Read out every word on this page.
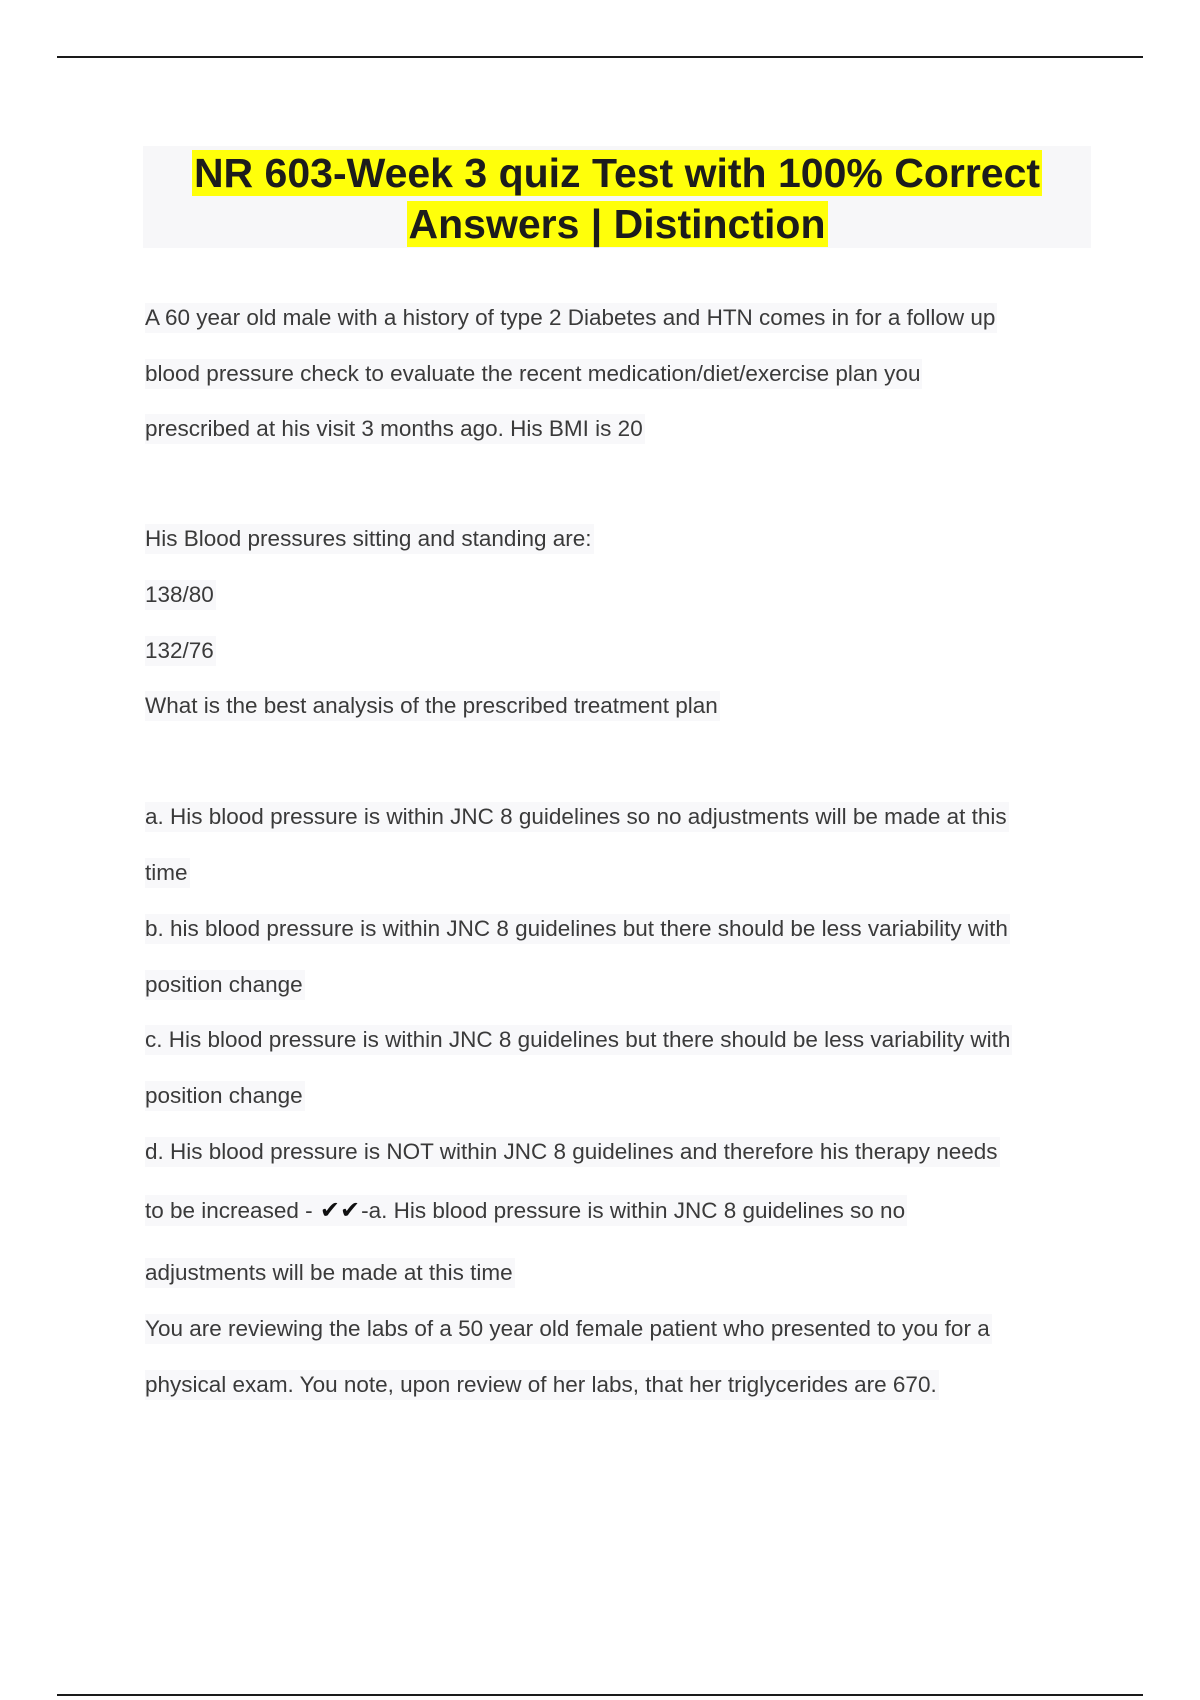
NR 603-Week 3 quiz Test with 100% Correct
Answers | Distinction
A 60 year old male with a history of type 2 Diabetes and HTN comes in for a follow up
blood pressure check to evaluate the recent medication/diet/exercise plan you
prescribed at his visit 3 months ago. His BMI is 20
His Blood pressures sitting and standing are:
138/80
132/76
What is the best analysis of the prescribed treatment plan
a. His blood pressure is within JNC 8 guidelines so no adjustments will be made at this
time
b. his blood pressure is within JNC 8 guidelines but there should be less variability with
position change
c. His blood pressure is within JNC 8 guidelines but there should be less variability with
position change
d. His blood pressure is NOT within JNC 8 guidelines and therefore his therapy needs
to be increased - ✔✔-a. His blood pressure is within JNC 8 guidelines so no
adjustments will be made at this time
You are reviewing the labs of a 50 year old female patient who presented to you for a
physical exam. You note, upon review of her labs, that her triglycerides are 670.
